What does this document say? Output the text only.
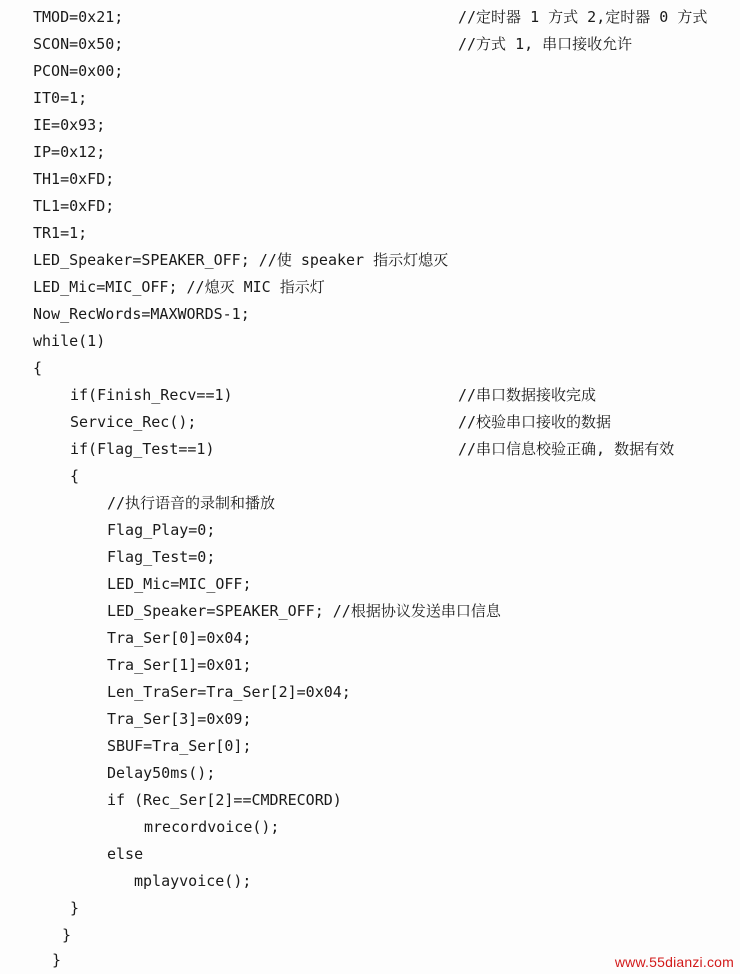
TMOD=0x21;	//定时器 1 方式 2,定时器 0 方式
SCON=0x50;	//方式 1, 串口接收允许
PCON=0x00;
IT0=1;
IE=0x93;
IP=0x12;
TH1=0xFD;
TL1=0xFD;
TR1=1;
LED_Speaker=SPEAKER_OFF; //使 speaker 指示灯熄灭
LED_Mic=MIC_OFF; //熄灭 MIC 指示灯
Now_RecWords=MAXWORDS-1;
while(1)
{
if(Finish_Recv==1)	//串口数据接收完成
Service_Rec();	//校验串口接收的数据
if(Flag_Test==1)	//串口信息校验正确, 数据有效
{
//执行语音的录制和播放
Flag_Play=0;
Flag_Test=0;
LED_Mic=MIC_OFF;
LED_Speaker=SPEAKER_OFF; //根据协议发送串口信息
Tra_Ser[0]=0x04;
Tra_Ser[1]=0x01;
Len_TraSer=Tra_Ser[2]=0x04;
Tra_Ser[3]=0x09;
SBUF=Tra_Ser[0];
Delay50ms();
if (Rec_Ser[2]==CMDRECORD)
mrecordvoice();
else
mplayvoice();
}
}
}	www.55dianzi.com
